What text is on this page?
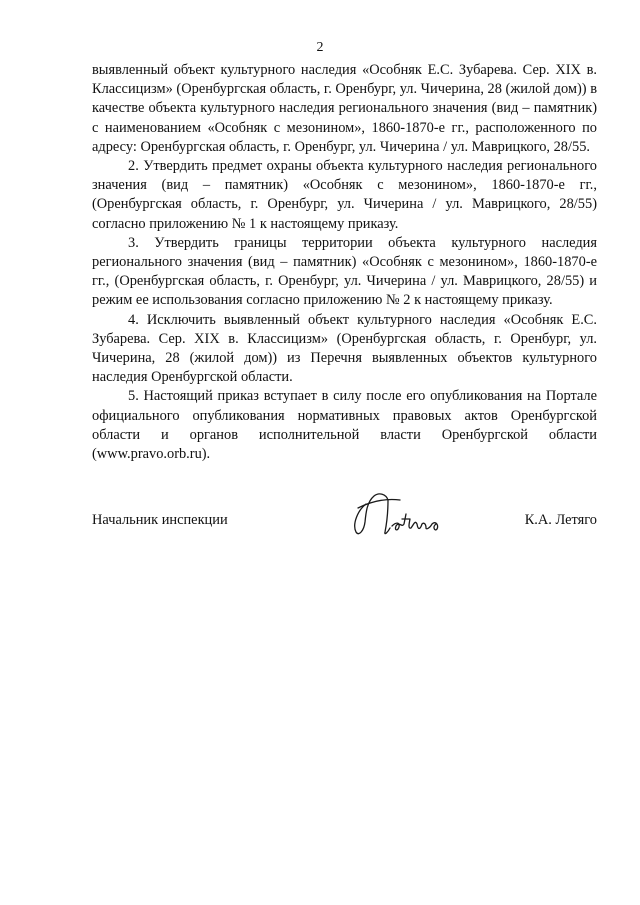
2

выявленный объект культурного наследия «Особняк Е.С. Зубарева. Сер. XIX в. Классицизм» (Оренбургская область, г. Оренбург, ул. Чичерина, 28 (жилой дом)) в качестве объекта культурного наследия регионального значения (вид – памятник) с наименованием «Особняк с мезонином», 1860-1870-е гг., расположенного по адресу: Оренбургская область, г. Оренбург, ул. Чичерина / ул. Маврицкого, 28/55.

2. Утвердить предмет охраны объекта культурного наследия регионального значения (вид – памятник) «Особняк с мезонином», 1860-1870-е гг., (Оренбургская область, г. Оренбург, ул. Чичерина / ул. Маврицкого, 28/55) согласно приложению № 1 к настоящему приказу.

3. Утвердить границы территории объекта культурного наследия регионального значения (вид – памятник) «Особняк с мезонином», 1860-1870-е гг., (Оренбургская область, г. Оренбург, ул. Чичерина / ул. Маврицкого, 28/55) и режим ее использования согласно приложению № 2 к настоящему приказу.

4. Исключить выявленный объект культурного наследия «Особняк Е.С. Зубарева. Сер. XIX в. Классицизм» (Оренбургская область, г. Оренбург, ул. Чичерина, 28 (жилой дом)) из Перечня выявленных объектов культурного наследия Оренбургской области.

5. Настоящий приказ вступает в силу после его опубликования на Портале официального опубликования нормативных правовых актов Оренбургской области и органов исполнительной власти Оренбургской области (www.pravo.orb.ru).

Начальник инспекции	К.А. Летяго
